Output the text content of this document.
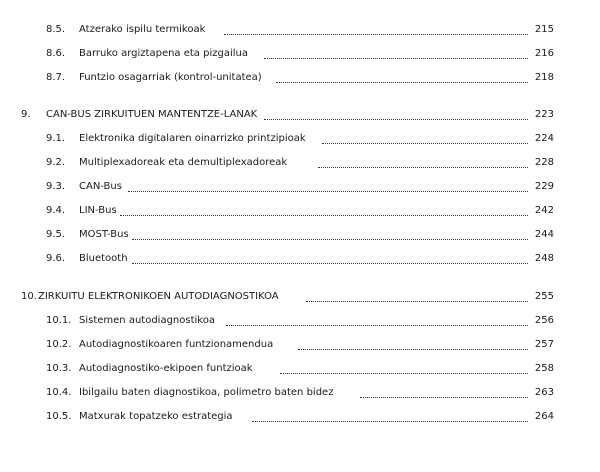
8.5. Atzerako ispilu termikoak	215
8.6. Barruko argiztapena eta pizgailua	216
8.7. Funtzio osagarriak (kontrol-unitatea)	218
9. CAN-BUS ZIRKUITUEN MANTENTZE-LANAK	223
9.1. Elektronika digitalaren oinarrizko printzipioak	224
9.2. Multiplexadoreak eta demultiplexadoreak	228
9.3. CAN-Bus	229
9.4. LIN-Bus	242
9.5. MOST-Bus	244
9.6. Bluetooth	248
10. ZIRKUITU ELEKTRONIKOEN AUTODIAGNOSTIKOA	255
10.1. Sistemen autodiagnostikoa	256
10.2. Autodiagnostikoaren funtzionamendua	257
10.3. Autodiagnostiko-ekipoen funtzioak	258
10.4. Ibilgailu baten diagnostikoa, polimetro baten bidez	263
10.5. Matxurak topatzeko estrategia	264
